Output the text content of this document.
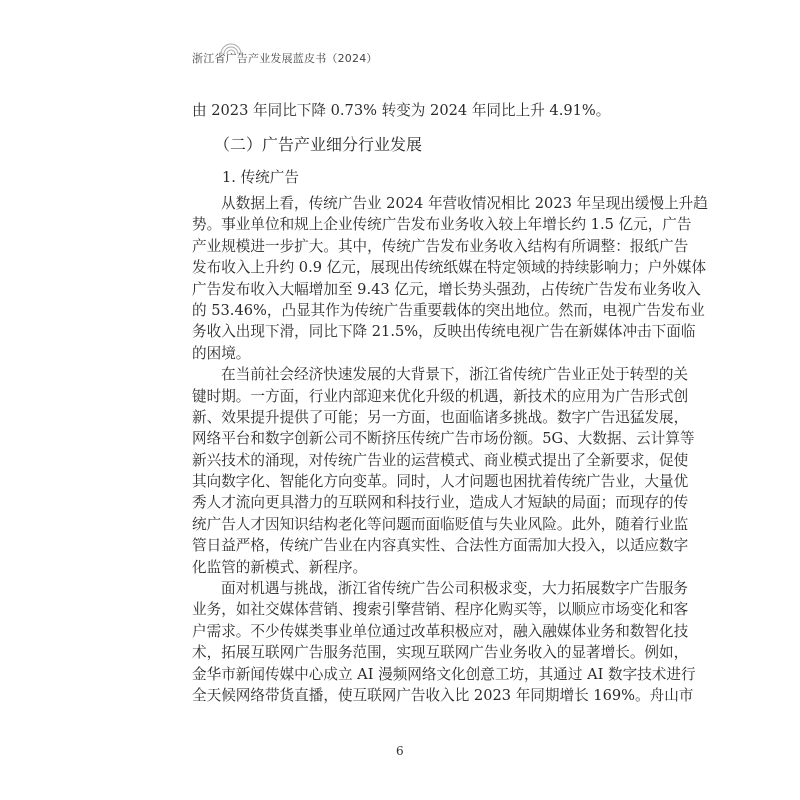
浙江省广告产业发展蓝皮书（2024）
由 2023 年同比下降 0.73% 转变为 2024 年同比上升 4.91%。
（二）广告产业细分行业发展
1. 传统广告
从数据上看，传统广告业 2024 年营收情况相比 2023 年呈现出缓慢上升趋
势。事业单位和规上企业传统广告发布业务收入较上年增长约 1.5 亿元，广告
产业规模进一步扩大。其中，传统广告发布业务收入结构有所调整：报纸广告
发布收入上升约 0.9 亿元，展现出传统纸媒在特定领域的持续影响力；户外媒体
广告发布收入大幅增加至 9.43 亿元，增长势头强劲，占传统广告发布业务收入
的 53.46%，凸显其作为传统广告重要载体的突出地位。然而，电视广告发布业
务收入出现下滑，同比下降 21.5%，反映出传统电视广告在新媒体冲击下面临
的困境。
在当前社会经济快速发展的大背景下，浙江省传统广告业正处于转型的关
键时期。一方面，行业内部迎来优化升级的机遇，新技术的应用为广告形式创
新、效果提升提供了可能；另一方面，也面临诸多挑战。数字广告迅猛发展，
网络平台和数字创新公司不断挤压传统广告市场份额。5G、大数据、云计算等
新兴技术的涌现，对传统广告业的运营模式、商业模式提出了全新要求，促使
其向数字化、智能化方向变革。同时，人才问题也困扰着传统广告业，大量优
秀人才流向更具潜力的互联网和科技行业，造成人才短缺的局面；而现存的传
统广告人才因知识结构老化等问题而面临贬值与失业风险。此外，随着行业监
管日益严格，传统广告业在内容真实性、合法性方面需加大投入，以适应数字
化监管的新模式、新程序。
面对机遇与挑战，浙江省传统广告公司积极求变，大力拓展数字广告服务
业务，如社交媒体营销、搜索引擎营销、程序化购买等，以顺应市场变化和客
户需求。不少传媒类事业单位通过改革积极应对，融入融媒体业务和数智化技
术，拓展互联网广告服务范围，实现互联网广告业务收入的显著增长。例如，
金华市新闻传媒中心成立 AI 漫频网络文化创意工坊，其通过 AI 数字技术进行
全天候网络带货直播，使互联网广告收入比 2023 年同期增长 169%。舟山市
6
